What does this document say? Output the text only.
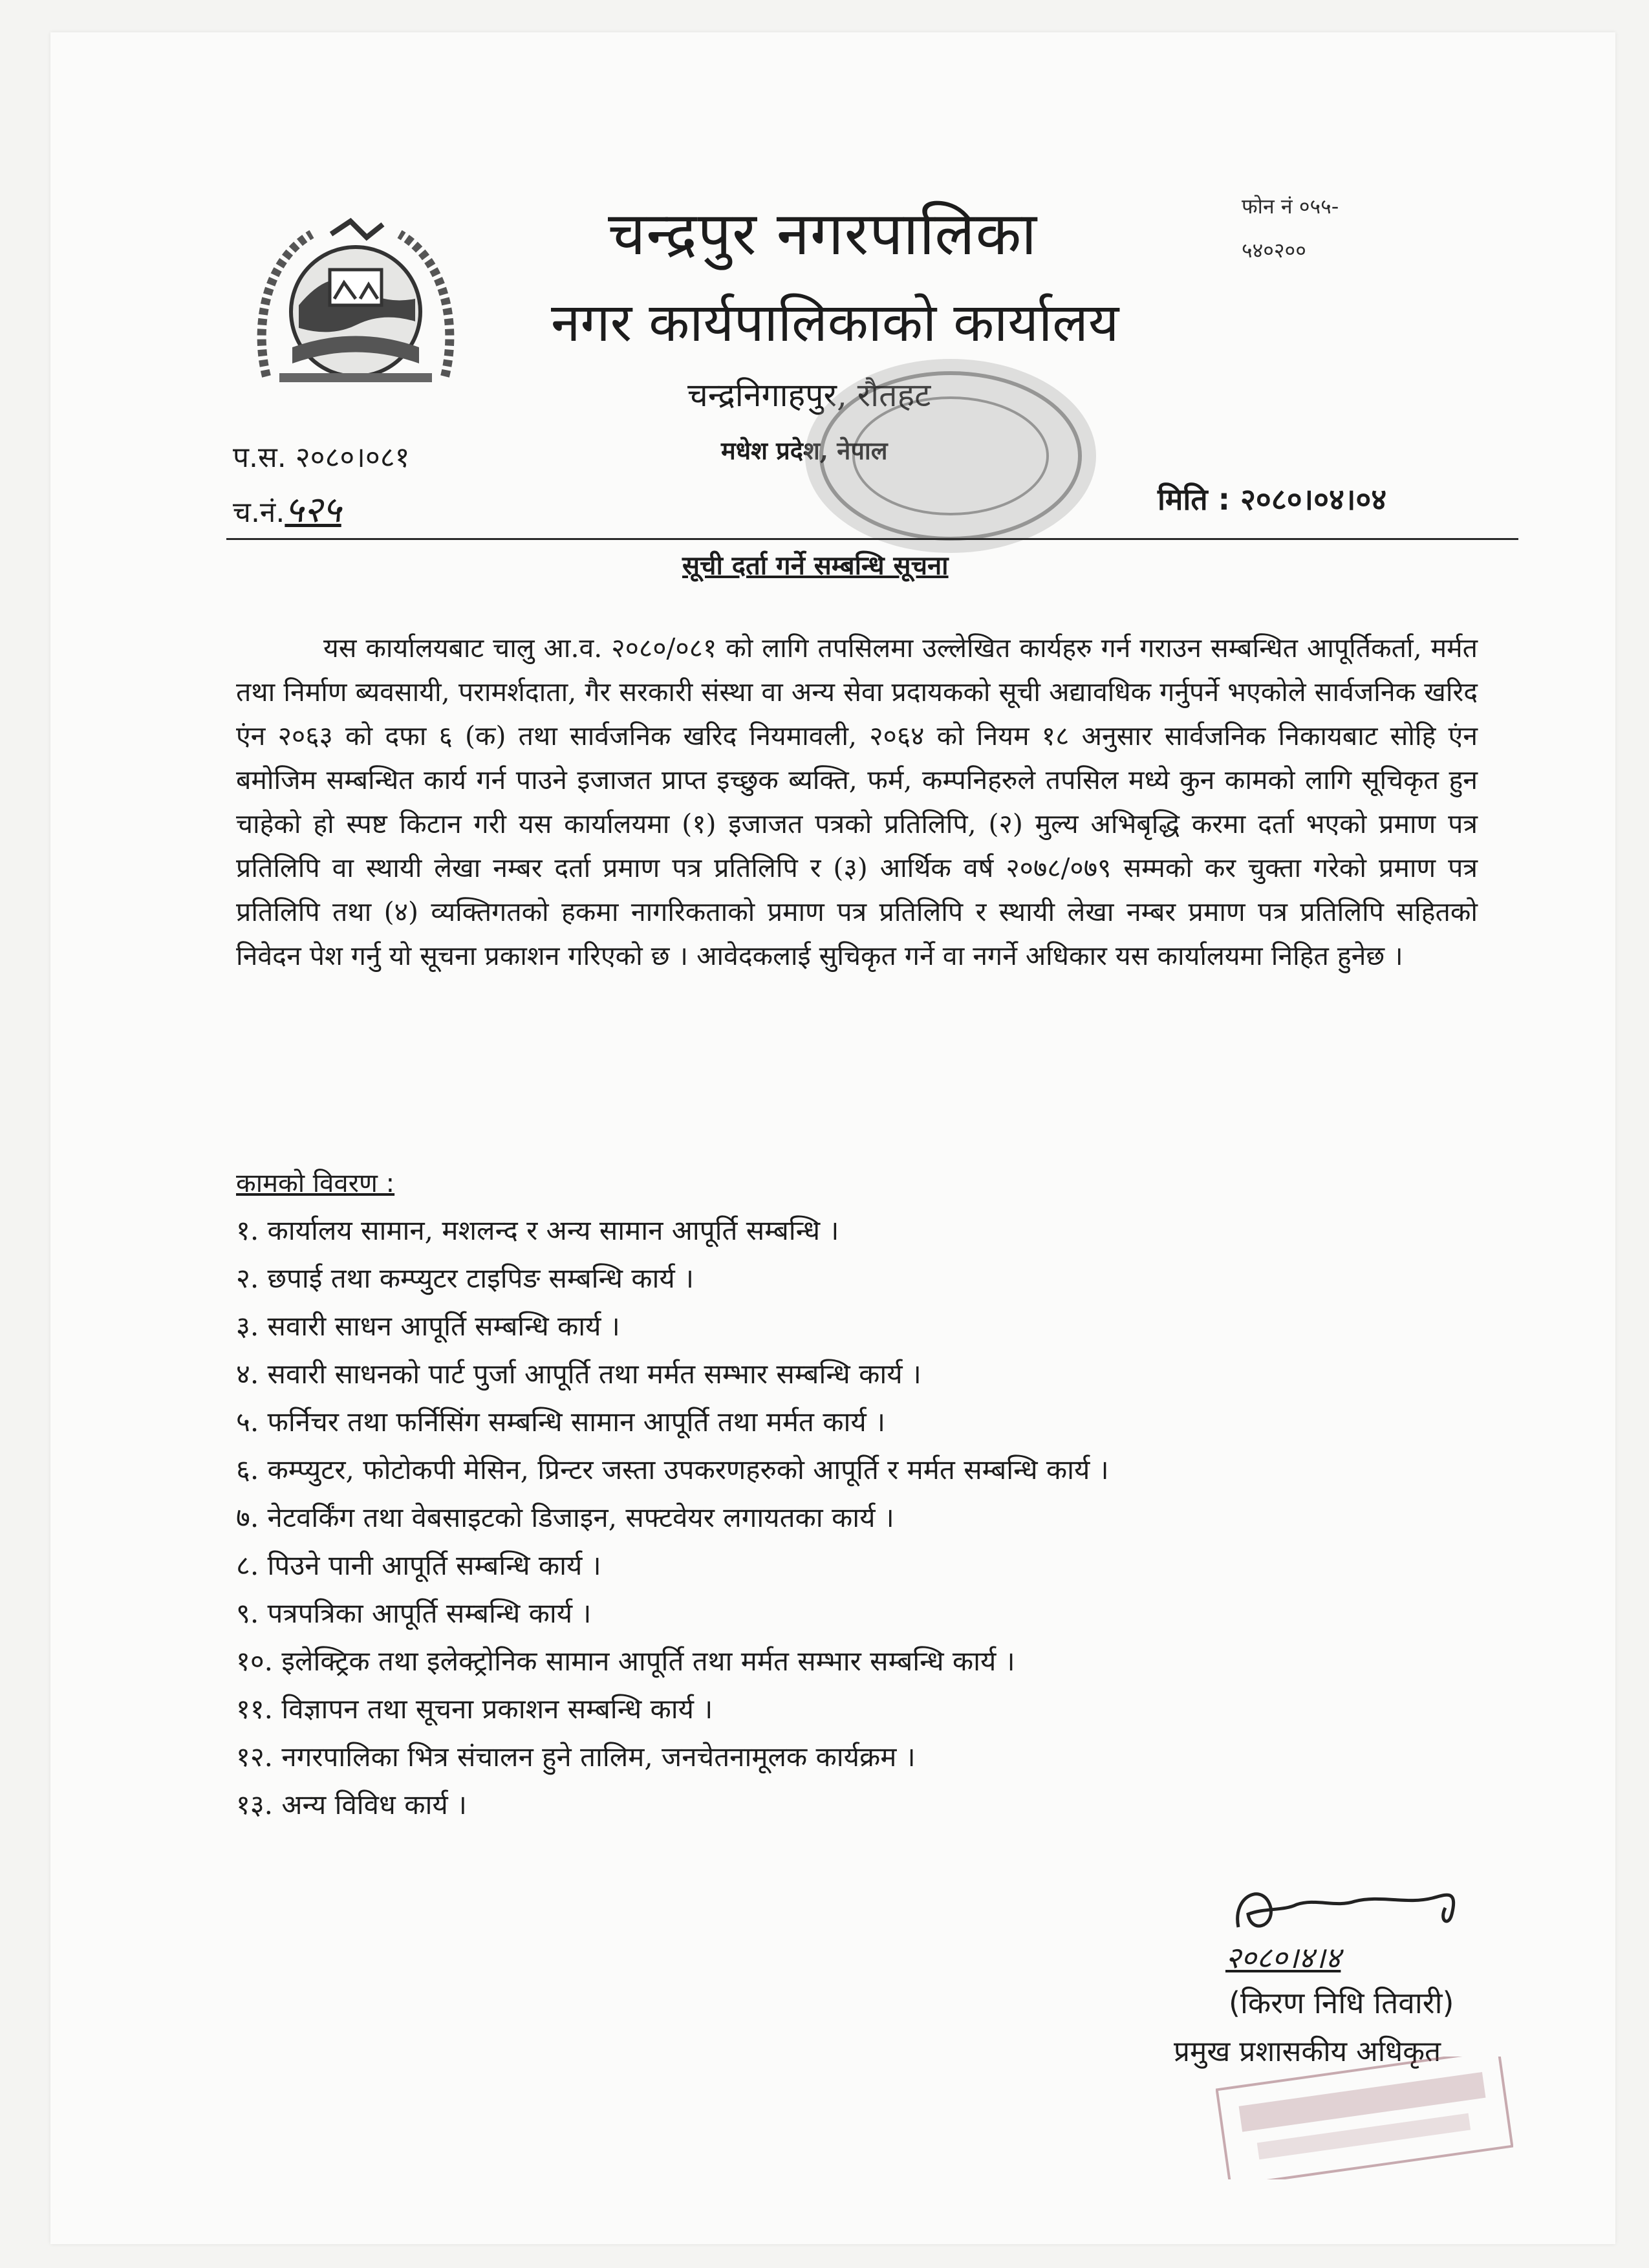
चन्द्रपुर नगरपालिका
नगर कार्यपालिकाको कार्यालय
चन्द्रनिगाहपुर, रौतहट
मधेश प्रदेश, नेपाल
फोन नं ०५५-
५४०२००
प.स. २०८०।०८१
च.नं.५२५	मिति : २०८०।०४।०४
सूची दर्ता गर्ने सम्बन्धि सूचना
यस कार्यालयबाट चालु आ.व. २०८०/०८१ को लागि तपसिलमा उल्लेखित कार्यहरु गर्न गराउन सम्बन्धित आपूर्तिकर्ता, मर्मत तथा निर्माण ब्यवसायी, परामर्शदाता, गैर सरकारी संस्था वा अन्य सेवा प्रदायकको सूची अद्यावधिक गर्नुपर्ने भएकोले सार्वजनिक खरिद एंन २०६३ को दफा ६ (क) तथा सार्वजनिक खरिद नियमावली, २०६४ को नियम १८ अनुसार सार्वजनिक निकायबाट सोहि एंन बमोजिम सम्बन्धित कार्य गर्न पाउने इजाजत प्राप्त इच्छुक ब्यक्ति, फर्म, कम्पनिहरुले तपसिल मध्ये कुन कामको लागि सूचिकृत हुन चाहेको हो स्पष्ट किटान गरी यस कार्यालयमा (१) इजाजत पत्रको प्रतिलिपि, (२) मुल्य अभिबृद्धि करमा दर्ता भएको प्रमाण पत्र प्रतिलिपि वा स्थायी लेखा नम्बर दर्ता प्रमाण पत्र प्रतिलिपि र (३) आर्थिक वर्ष २०७८/०७९ सम्मको कर चुक्ता गरेको प्रमाण पत्र प्रतिलिपि तथा (४) व्यक्तिगतको हकमा नागरिकताको प्रमाण पत्र प्रतिलिपि र स्थायी लेखा नम्बर प्रमाण पत्र प्रतिलिपि सहितको निवेदन पेश गर्नु यो सूचना प्रकाशन गरिएको छ । आवेदकलाई सुचिकृत गर्ने वा नगर्ने अधिकार यस कार्यालयमा निहित हुनेछ ।
कामको विवरण :
१. कार्यालय सामान, मशलन्द र अन्य सामान आपूर्ति सम्बन्धि ।
२. छपाई तथा कम्प्युटर टाइपिङ सम्बन्धि कार्य ।
३. सवारी साधन आपूर्ति सम्बन्धि कार्य ।
४. सवारी साधनको पार्ट पुर्जा आपूर्ति तथा मर्मत सम्भार सम्बन्धि कार्य ।
५. फर्निचर तथा फर्निसिंग सम्बन्धि सामान आपूर्ति तथा मर्मत कार्य ।
६. कम्प्युटर, फोटोकपी मेसिन, प्रिन्टर जस्ता उपकरणहरुको आपूर्ति र मर्मत सम्बन्धि कार्य ।
७. नेटवर्किंग तथा वेबसाइटको डिजाइन, सफ्टवेयर लगायतका कार्य ।
८. पिउने पानी आपूर्ति सम्बन्धि कार्य ।
९. पत्रपत्रिका आपूर्ति सम्बन्धि कार्य ।
१०. इलेक्ट्रिक तथा इलेक्ट्रोनिक सामान आपूर्ति तथा मर्मत सम्भार सम्बन्धि कार्य ।
११. विज्ञापन तथा सूचना प्रकाशन सम्बन्धि कार्य ।
१२. नगरपालिका भित्र संचालन हुने तालिम, जनचेतनामूलक कार्यक्रम ।
१३. अन्य विविध कार्य ।
२०८०।४।४
(किरण निधि तिवारी)
प्रमुख प्रशासकीय अधिकृत
